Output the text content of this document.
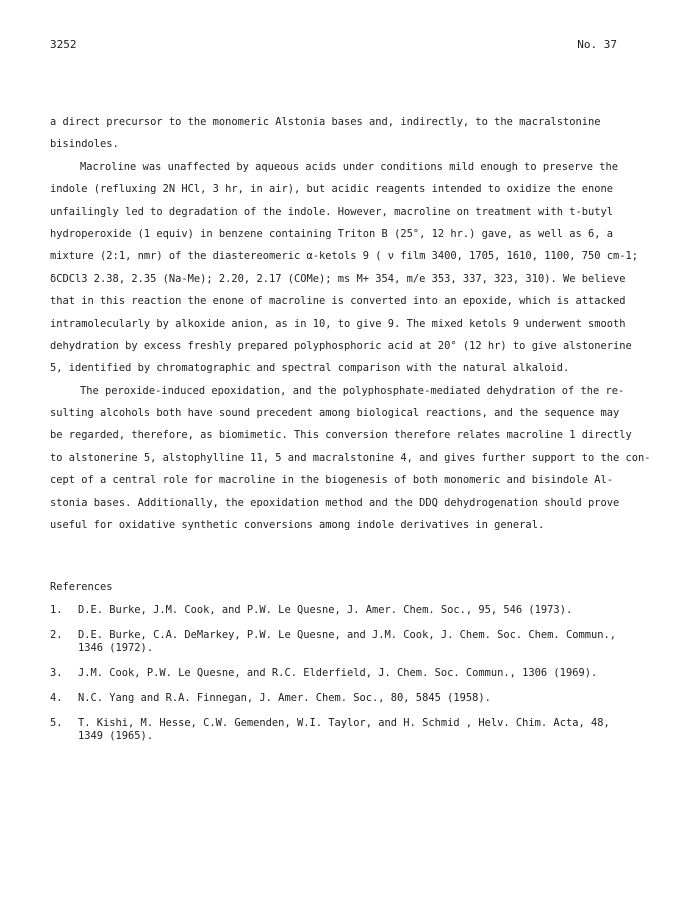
3252	No. 37
a direct precursor to the monomeric Alstonia bases and, indirectly, to the macralstonine
bisindoles.
Macroline was unaffected by aqueous acids under conditions mild enough to preserve the
indole (refluxing 2N HCl, 3 hr, in air), but acidic reagents intended to oxidize the enone
unfailingly led to degradation of the indole. However, macroline on treatment with t-butyl
hydroperoxide (1 equiv) in benzene containing Triton B (25°, 12 hr.) gave, as well as 6, a
mixture (2:1, nmr) of the diastereomeric α-ketols 9 ( ν film 3400, 1705, 1610, 1100, 750 cm-1;
δCDCl3 2.38, 2.35 (Na-Me); 2.20, 2.17 (COMe); ms M+ 354, m/e 353, 337, 323, 310). We believe
that in this reaction the enone of macroline is converted into an epoxide, which is attacked
intramolecularly by alkoxide anion, as in 10, to give 9. The mixed ketols 9 underwent smooth
dehydration by excess freshly prepared polyphosphoric acid at 20° (12 hr) to give alstonerine
5, identified by chromatographic and spectral comparison with the natural alkaloid.
The peroxide-induced epoxidation, and the polyphosphate-mediated dehydration of the re-
sulting alcohols both have sound precedent among biological reactions, and the sequence may
be regarded, therefore, as biomimetic. This conversion therefore relates macroline 1 directly
to alstonerine 5, alstophylline 11, 5 and macralstonine 4, and gives further support to the con-
cept of a central role for macroline in the biogenesis of both monomeric and bisindole Al-
stonia bases. Additionally, the epoxidation method and the DDQ dehydrogenation should prove
useful for oxidative synthetic conversions among indole derivatives in general.
References
1. D.E. Burke, J.M. Cook, and P.W. Le Quesne, J. Amer. Chem. Soc., 95, 546 (1973).
2. D.E. Burke, C.A. DeMarkey, P.W. Le Quesne, and J.M. Cook, J. Chem. Soc. Chem. Commun.,
1346 (1972).
3. J.M. Cook, P.W. Le Quesne, and R.C. Elderfield, J. Chem. Soc. Commun., 1306 (1969).
4. N.C. Yang and R.A. Finnegan, J. Amer. Chem. Soc., 80, 5845 (1958).
5. T. Kishi, M. Hesse, C.W. Gemenden, W.I. Taylor, and H. Schmid , Helv. Chim. Acta, 48,
1349 (1965).
